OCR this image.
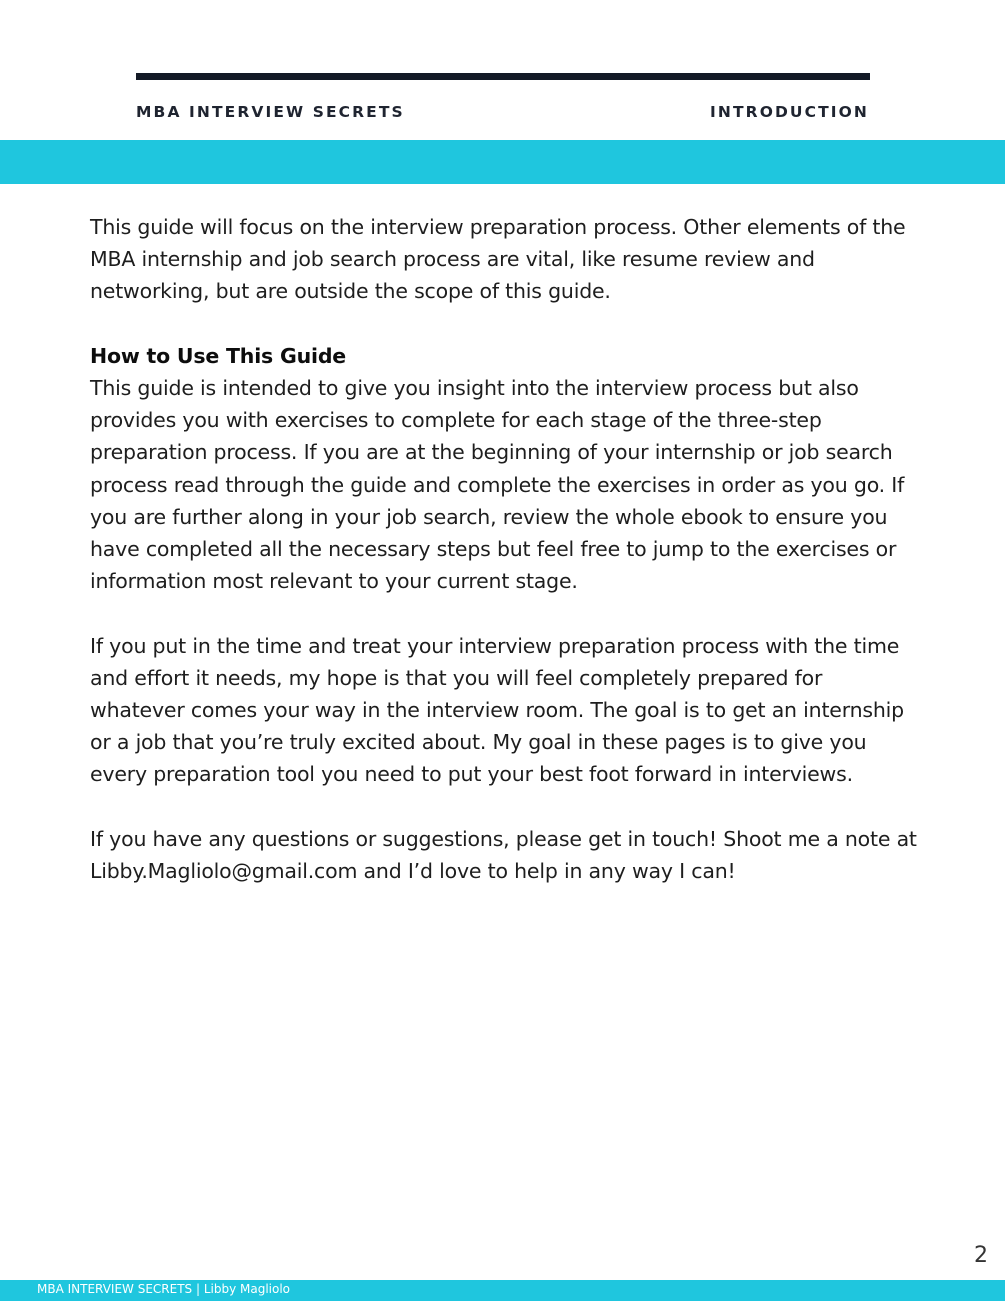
MBA INTERVIEW SECRETS	INTRODUCTION

This guide will focus on the interview preparation process. Other elements of the MBA internship and job search process are vital, like resume review and networking, but are outside the scope of this guide.

How to Use This Guide

This guide is intended to give you insight into the interview process but also provides you with exercises to complete for each stage of the three-step preparation process. If you are at the beginning of your internship or job search process read through the guide and complete the exercises in order as you go. If you are further along in your job search, review the whole ebook to ensure you have completed all the necessary steps but feel free to jump to the exercises or information most relevant to your current stage.

If you put in the time and treat your interview preparation process with the time and effort it needs, my hope is that you will feel completely prepared for whatever comes your way in the interview room. The goal is to get an internship or a job that you’re truly excited about. My goal in these pages is to give you every preparation tool you need to put your best foot forward in interviews.

If you have any questions or suggestions, please get in touch! Shoot me a note at Libby.Magliolo@gmail.com and I’d love to help in any way I can!

2
MBA INTERVIEW SECRETS | Libby Magliolo
